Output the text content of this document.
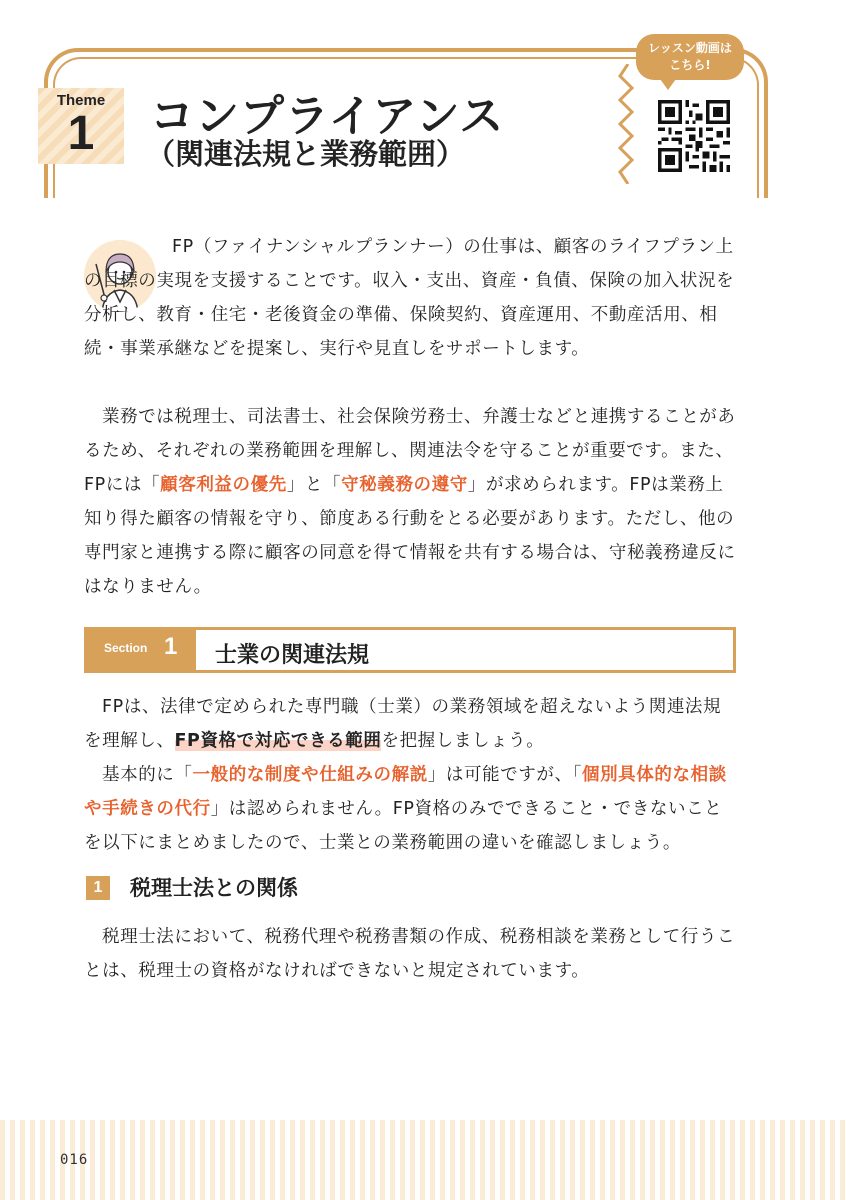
Theme
1	コンプライアンス
（関連法規と業務範囲）
レッスン動画は
こちら!
FP（ファイナンシャルプランナー）の仕事は、顧客のライフプラン上の目標の実現を支援することです。収入・支出、資産・負債、保険の加入状況を分析し、教育・住宅・老後資金の準備、保険契約、資産運用、不動産活用、相続・事業承継などを提案し、実行や見直しをサポートします。
業務では税理士、司法書士、社会保険労務士、弁護士などと連携することがあるため、それぞれの業務範囲を理解し、関連法令を守ることが重要です。また、FPには「顧客利益の優先」と「守秘義務の遵守」が求められます。FPは業務上知り得た顧客の情報を守り、節度ある行動をとる必要があります。ただし、他の専門家と連携する際に顧客の同意を得て情報を共有する場合は、守秘義務違反にはなりません。
Section 1 士業の関連法規
FPは、法律で定められた専門職（士業）の業務領域を超えないよう関連法規を理解し、FP資格で対応できる範囲を把握しましょう。
基本的に「一般的な制度や仕組みの解説」は可能ですが、「個別具体的な相談や手続きの代行」は認められません。FP資格のみでできること・できないことを以下にまとめましたので、士業との業務範囲の違いを確認しましょう。
1	税理士法との関係
税理士法において、税務代理や税務書類の作成、税務相談を業務として行うことは、税理士の資格がなければできないと規定されています。
016
